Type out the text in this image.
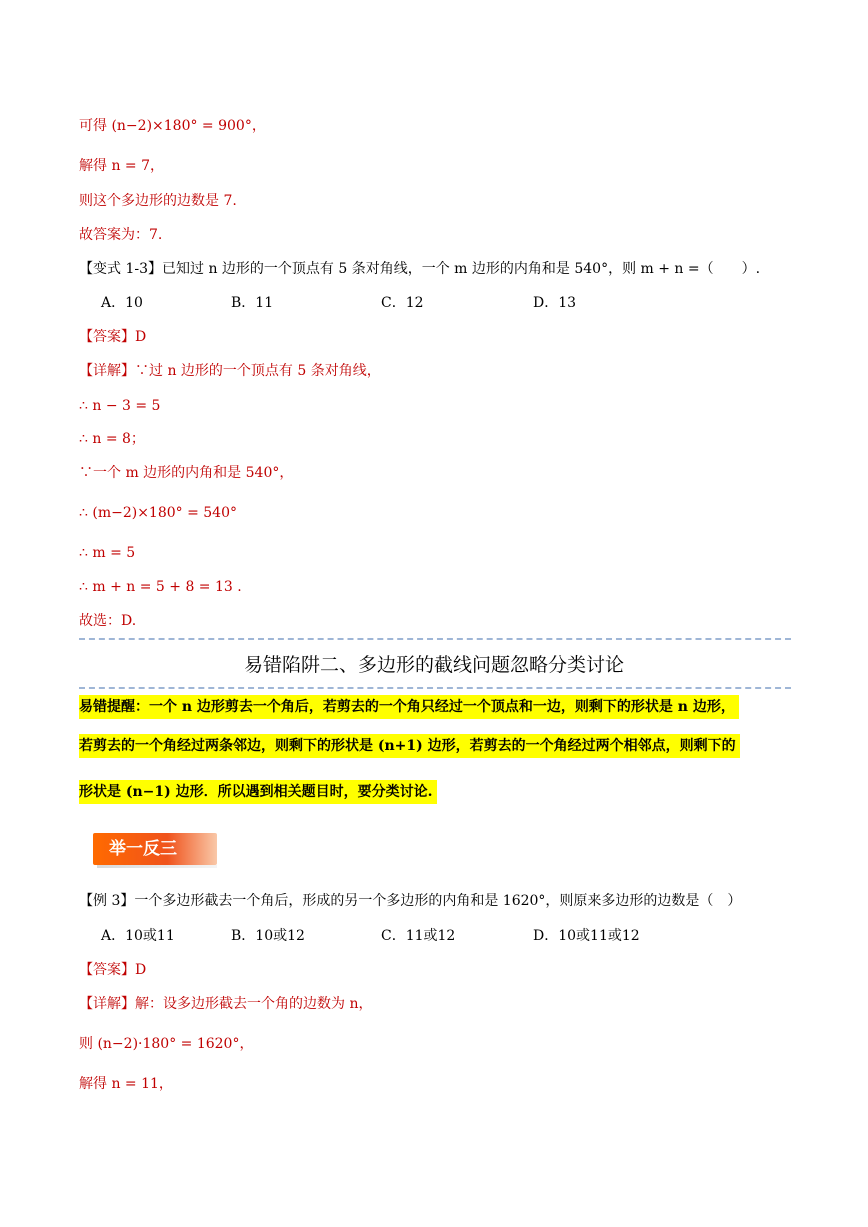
可得 (n−2)×180° = 900°，
解得 n = 7，
则这个多边形的边数是 7.
故答案为：7.
【变式 1-3】已知过 n 边形的一个顶点有 5 条对角线，一个 m 边形的内角和是 540°，则 m + n =（　　）.
A．10	B．11	C．12	D．13
【答案】D
【详解】∵过 n 边形的一个顶点有 5 条对角线，
∴ n − 3 = 5
∴ n = 8；
∵一个 m 边形的内角和是 540°，
∴ (m−2)×180° = 540°
∴ m = 5
∴ m + n = 5 + 8 = 13 .
故选：D.
易错陷阱二、多边形的截线问题忽略分类讨论
易错提醒：一个 n 边形剪去一个角后，若剪去的一个角只经过一个顶点和一边，则剩下的形状是 n 边形，
若剪去的一个角经过两条邻边，则剩下的形状是 (n+1) 边形，若剪去的一个角经过两个相邻点，则剩下的
形状是 (n−1) 边形．所以遇到相关题目时，要分类讨论.
举一反三
【例 3】一个多边形截去一个角后，形成的另一个多边形的内角和是 1620°，则原来多边形的边数是（　）
A．10或11	B．10或12	C．11或12	D．10或11或12
【答案】D
【详解】解：设多边形截去一个角的边数为 n，
则 (n−2)·180° = 1620°，
解得 n = 11，
